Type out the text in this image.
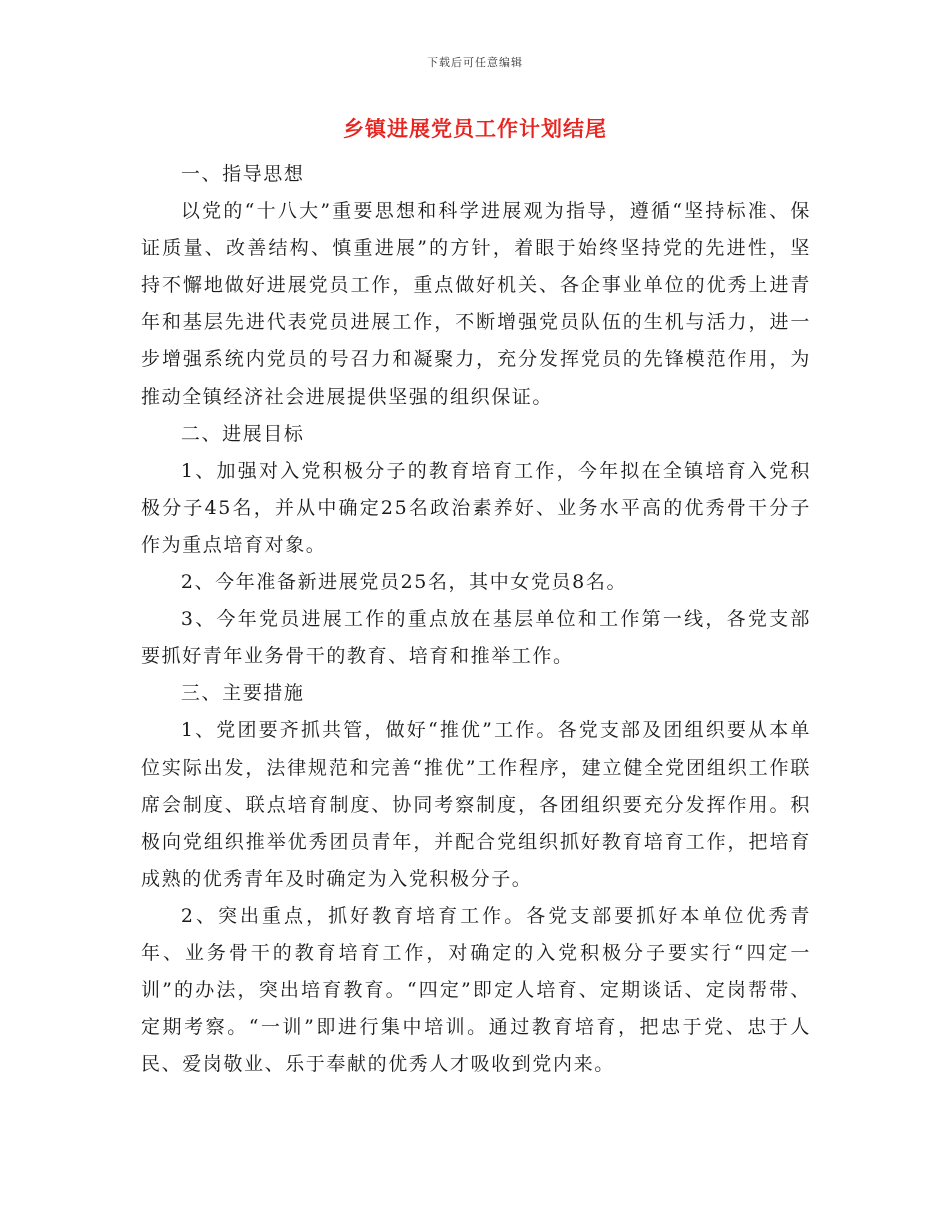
下载后可任意编辑
乡镇进展党员工作计划结尾

一、指导思想

以党的“十八大”重要思想和科学进展观为指导，遵循“坚持标准、保证质量、改善结构、慎重进展”的方针，着眼于始终坚持党的先进性，坚持不懈地做好进展党员工作，重点做好机关、各企事业单位的优秀上进青年和基层先进代表党员进展工作，不断增强党员队伍的生机与活力，进一步增强系统内党员的号召力和凝聚力，充分发挥党员的先锋模范作用，为推动全镇经济社会进展提供坚强的组织保证。

二、进展目标

1、加强对入党积极分子的教育培育工作，今年拟在全镇培育入党积极分子45名，并从中确定25名政治素养好、业务水平高的优秀骨干分子作为重点培育对象。

2、今年准备新进展党员25名，其中女党员8名。

3、今年党员进展工作的重点放在基层单位和工作第一线，各党支部要抓好青年业务骨干的教育、培育和推举工作。

三、主要措施

1、党团要齐抓共管，做好“推优”工作。各党支部及团组织要从本单位实际出发，法律规范和完善“推优”工作程序，建立健全党团组织工作联席会制度、联点培育制度、协同考察制度，各团组织要充分发挥作用。积极向党组织推举优秀团员青年，并配合党组织抓好教育培育工作，把培育成熟的优秀青年及时确定为入党积极分子。

2、突出重点，抓好教育培育工作。各党支部要抓好本单位优秀青年、业务骨干的教育培育工作，对确定的入党积极分子要实行“四定一训”的办法，突出培育教育。“四定”即定人培育、定期谈话、定岗帮带、定期考察。“一训”即进行集中培训。通过教育培育，把忠于党、忠于人民、爱岗敬业、乐于奉献的优秀人才吸收到党内来。
